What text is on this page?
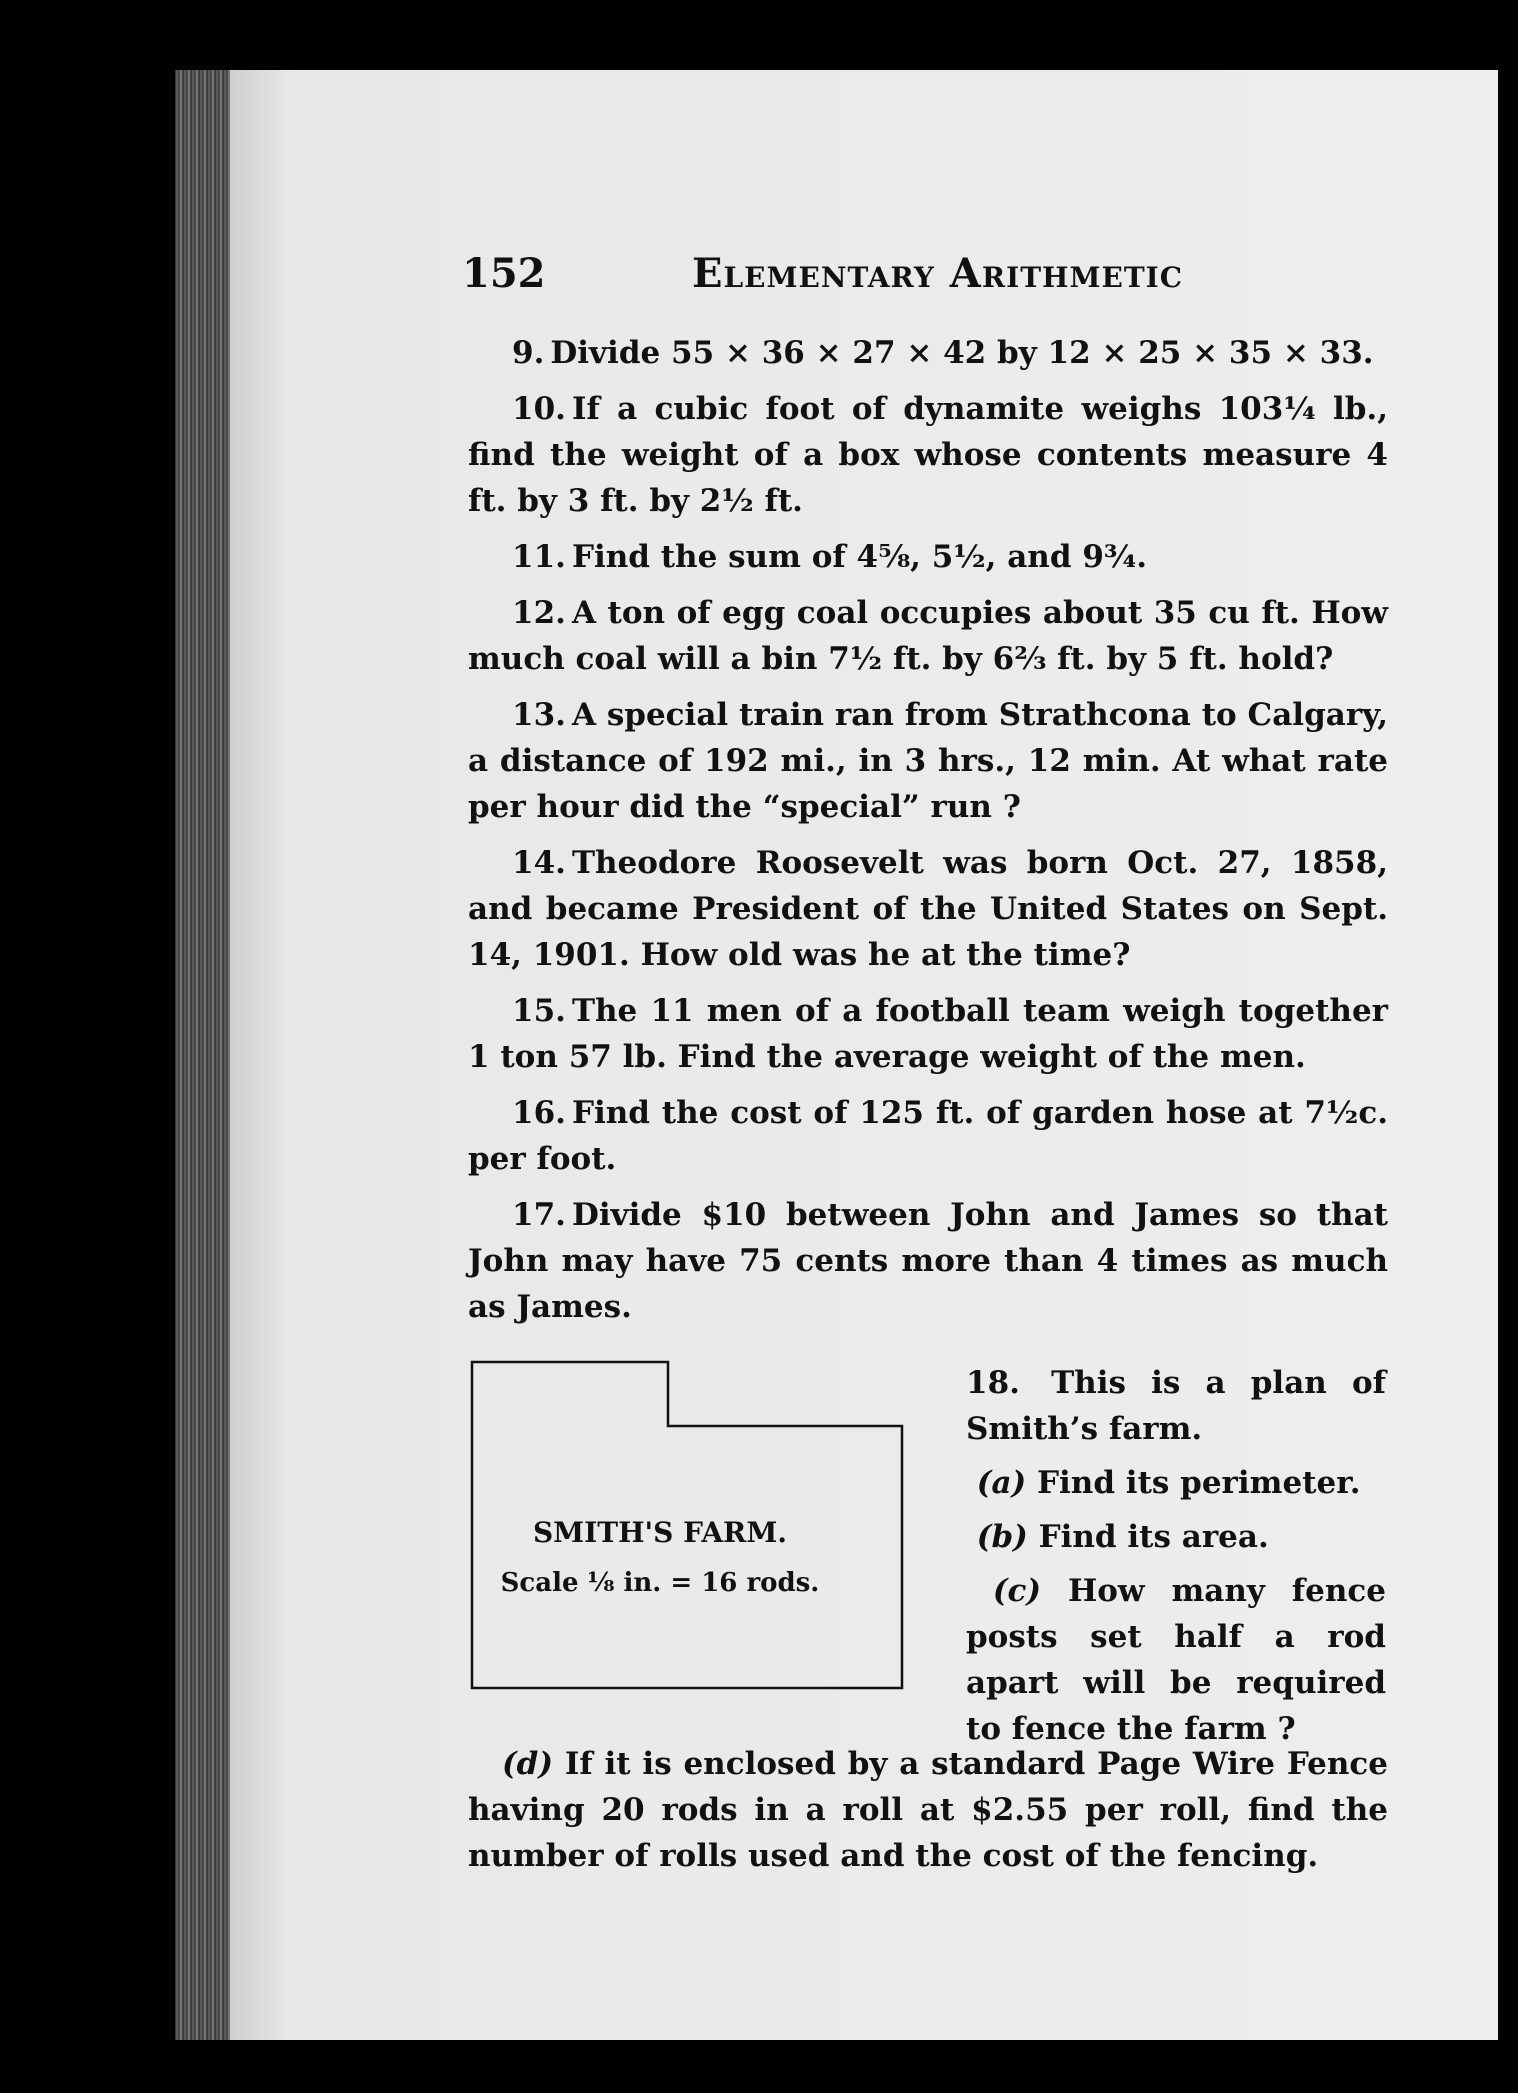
152	Elementary Arithmetic

9. Divide 55 × 36 × 27 × 42 by 12 × 25 × 35 × 33.

10. If a cubic foot of dynamite weighs 103¼ lb., find the weight of a box whose contents measure 4 ft. by 3 ft. by 2½ ft.

11. Find the sum of 4⅝, 5½, and 9¾.

12. A ton of egg coal occupies about 35 cu ft. How much coal will a bin 7½ ft. by 6⅔ ft. by 5 ft. hold?

13. A special train ran from Strathcona to Calgary, a distance of 192 mi., in 3 hrs., 12 min. At what rate per hour did the “special” run ?

14. Theodore Roosevelt was born Oct. 27, 1858, and became President of the United States on Sept. 14, 1901. How old was he at the time?

15. The 11 men of a football team weigh together 1 ton 57 lb. Find the average weight of the men.

16. Find the cost of 125 ft. of garden hose at 7½c. per foot.

17. Divide $10 between John and James so that John may have 75 cents more than 4 times as much as James.

SMITH'S FARM.
Scale ⅛ in. = 16 rods.

18. This is a plan of Smith’s farm.

(a) Find its perimeter.

(b) Find its area.

(c) How many fence posts set half a rod apart will be required to fence the farm ?

(d) If it is enclosed by a standard Page Wire Fence having 20 rods in a roll at $2.55 per roll, find the number of rolls used and the cost of the fencing.
